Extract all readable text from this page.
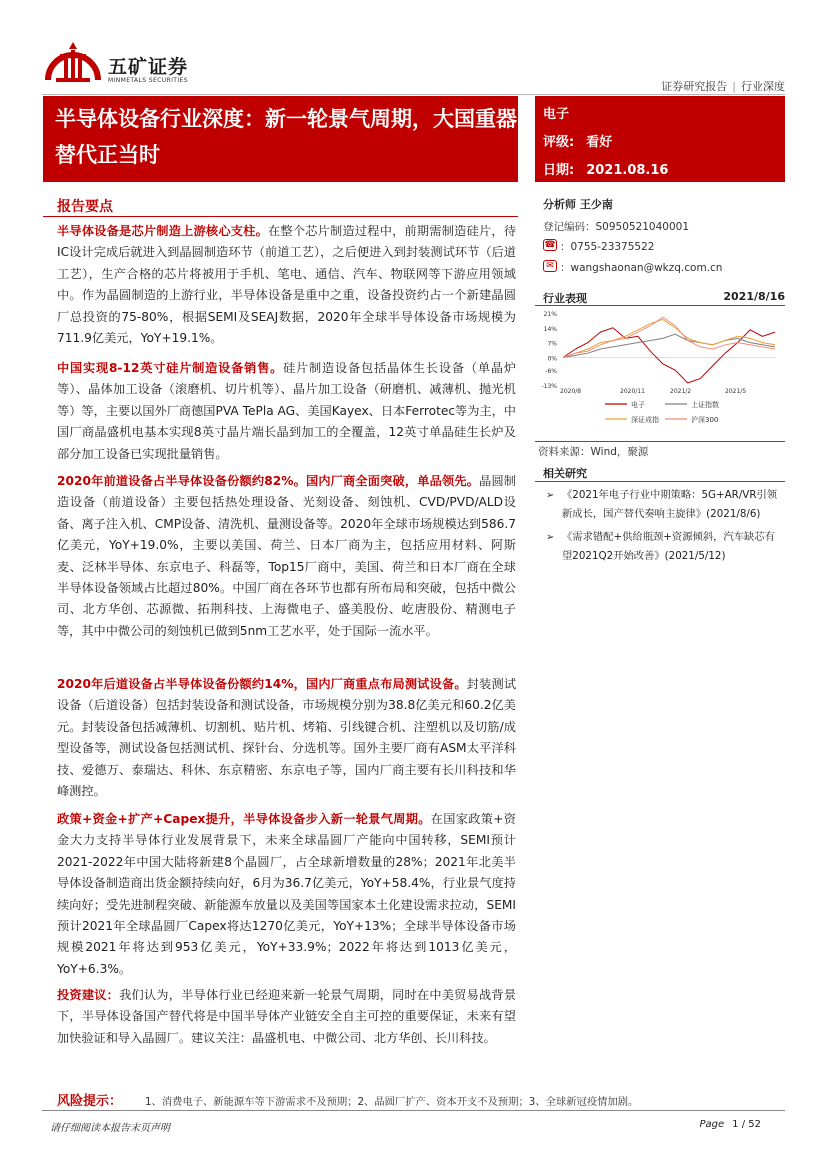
五矿证券
MINMETALS SECURITIES	证券研究报告 | 行业深度
半导体设备行业深度：新一轮景气周期，大国重器替代正当时
电子
评级: 看好
日期: 2021.08.16
报告要点
半导体设备是芯片制造上游核心支柱。在整个芯片制造过程中，前期需制造硅片，待IC设计完成后就进入到晶圆制造环节（前道工艺），之后便进入到封装测试环节（后道工艺），生产合格的芯片将被用于手机、笔电、通信、汽车、物联网等下游应用领域中。作为晶圆制造的上游行业，半导体设备是重中之重，设备投资约占一个新建晶圆厂总投资的75-80%，根据SEMI及SEAJ数据，2020年全球半导体设备市场规模为711.9亿美元，YoY+19.1%。
中国实现8-12英寸硅片制造设备销售。硅片制造设备包括晶体生长设备（单晶炉等）、晶体加工设备（滚磨机、切片机等）、晶片加工设备（研磨机、减薄机、抛光机等）等，主要以国外厂商德国PVA TePla AG、美国Kayex、日本Ferrotec等为主，中国厂商晶盛机电基本实现8英寸晶片端长晶到加工的全覆盖，12英寸单晶硅生长炉及部分加工设备已实现批量销售。
2020年前道设备占半导体设备份额约82%。国内厂商全面突破，单品领先。晶圆制造设备（前道设备）主要包括热处理设备、光刻设备、刻蚀机、CVD/PVD/ALD设备、离子注入机、CMP设备、清洗机、量测设备等。2020年全球市场规模达到586.7亿美元，YoY+19.0%，主要以美国、荷兰、日本厂商为主，包括应用材料、阿斯麦、泛林半导体、东京电子、科磊等，Top15厂商中，美国、荷兰和日本厂商在全球半导体设备领域占比超过80%。中国厂商在各环节也都有所布局和突破，包括中微公司、北方华创、芯源微、拓荆科技、上海微电子、盛美股份、屹唐股份、精测电子等，其中中微公司的刻蚀机已做到5nm工艺水平，处于国际一流水平。
2020年后道设备占半导体设备份额约14%，国内厂商重点布局测试设备。封装测试设备（后道设备）包括封装设备和测试设备，市场规模分别为38.8亿美元和60.2亿美元。封装设备包括减薄机、切割机、贴片机、烤箱、引线键合机、注塑机以及切筋/成型设备等，测试设备包括测试机、探针台、分选机等。国外主要厂商有ASM太平洋科技、爱德万、泰瑞达、科休、东京精密、东京电子等，国内厂商主要有长川科技和华峰测控。
政策+资金+扩产+Capex提升，半导体设备步入新一轮景气周期。在国家政策+资金大力支持半导体行业发展背景下，未来全球晶圆厂产能向中国转移，SEMI预计2021-2022年中国大陆将新建8个晶圆厂，占全球新增数量的28%；2021年北美半导体设备制造商出货金额持续向好，6月为36.7亿美元，YoY+58.4%，行业景气度持续向好；受先进制程突破、新能源车放量以及美国等国家本土化建设需求拉动，SEMI预计2021年全球晶圆厂Capex将达1270亿美元，YoY+13%；全球半导体设备市场规模2021年将达到953亿美元，YoY+33.9%；2022年将达到1013亿美元，YoY+6.3%。
投资建议：我们认为，半导体行业已经迎来新一轮景气周期，同时在中美贸易战背景下，半导体设备国产替代将是中国半导体产业链安全自主可控的重要保证，未来有望加快验证和导入晶圆厂。建议关注：晶盛机电、中微公司、北方华创、长川科技。
分析师 王少南
登记编码：S0950521040001
☎ ：0755-23375522
✉ ：wangshaonan@wkzq.com.cn
行业表现	2021/8/16
21%
14%
7%
0%
-6%
-13%
2020/8	2020/11	2021/2	2021/5
电子	上证指数
深证成指	沪深300
资料来源：Wind，聚源
相关研究
➢ 《2021年电子行业中期策略：5G+AR/VR引领新成长，国产替代奏响主旋律》(2021/8/6)
➢ 《需求错配+供给瓶颈+资源倾斜，汽车缺芯有望2021Q2开始改善》(2021/5/12)
风险提示： 1、消费电子、新能源车等下游需求不及预期；2、晶圆厂扩产、资本开支不及预期；3、全球新冠疫情加剧。
请仔细阅读本报告末页声明	Page 1 / 52
